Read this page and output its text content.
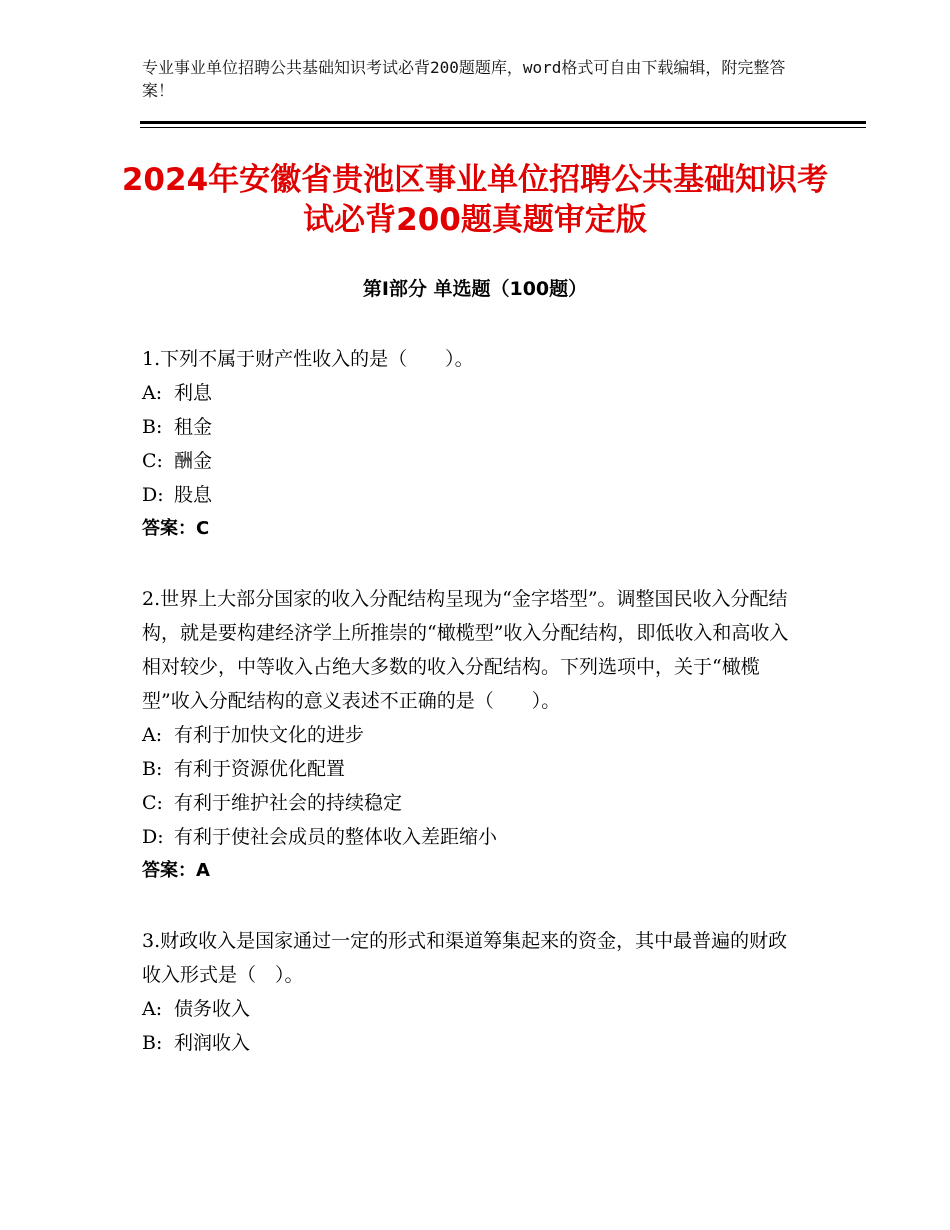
专业事业单位招聘公共基础知识考试必背200题题库，word格式可自由下载编辑，附完整答案！
2024年安徽省贵池区事业单位招聘公共基础知识考试必背200题真题审定版
第Ⅰ部分 单选题（100题）

1.下列不属于财产性收入的是（　　）。

A: 利息

B: 租金

C: 酬金

D: 股息

答案：C

2.世界上大部分国家的收入分配结构呈现为“金字塔型”。调整国民收入分配结构，就是要构建经济学上所推崇的“橄榄型”收入分配结构，即低收入和高收入相对较少，中等收入占绝大多数的收入分配结构。下列选项中，关于“橄榄型”收入分配结构的意义表述不正确的是（　　）。

A: 有利于加快文化的进步

B: 有利于资源优化配置

C: 有利于维护社会的持续稳定

D: 有利于使社会成员的整体收入差距缩小

答案：A

3.财政收入是国家通过一定的形式和渠道筹集起来的资金，其中最普遍的财政收入形式是（　）。

A: 债务收入

B: 利润收入
